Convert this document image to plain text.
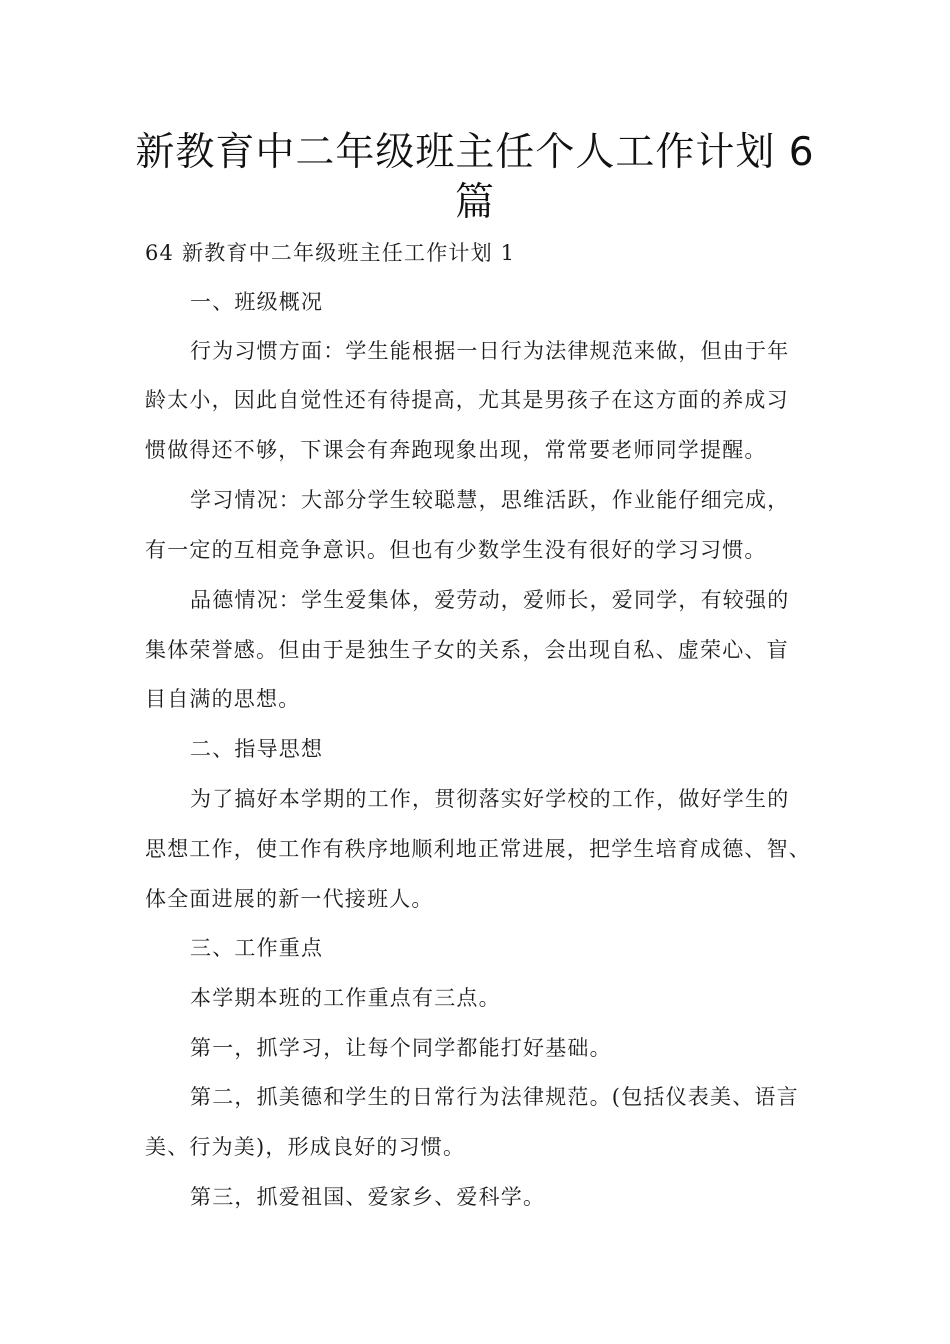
新教育中二年级班主任个人工作计划 6
篇

64 新教育中二年级班主任工作计划 1

一、班级概况

行为习惯方面：学生能根据一日行为法律规范来做，但由于年

龄太小，因此自觉性还有待提高，尤其是男孩子在这方面的养成习

惯做得还不够，下课会有奔跑现象出现，常常要老师同学提醒。

学习情况：大部分学生较聪慧，思维活跃，作业能仔细完成，

有一定的互相竞争意识。但也有少数学生没有很好的学习习惯。

品德情况：学生爱集体，爱劳动，爱师长，爱同学，有较强的

集体荣誉感。但由于是独生子女的关系，会出现自私、虚荣心、盲

目自满的思想。

二、指导思想

为了搞好本学期的工作，贯彻落实好学校的工作，做好学生的

思想工作，使工作有秩序地顺利地正常进展，把学生培育成德、智、

体全面进展的新一代接班人。

三、工作重点

本学期本班的工作重点有三点。

第一，抓学习，让每个同学都能打好基础。

第二，抓美德和学生的日常行为法律规范。(包括仪表美、语言

美、行为美)，形成良好的习惯。

第三，抓爱祖国、爱家乡、爱科学。
